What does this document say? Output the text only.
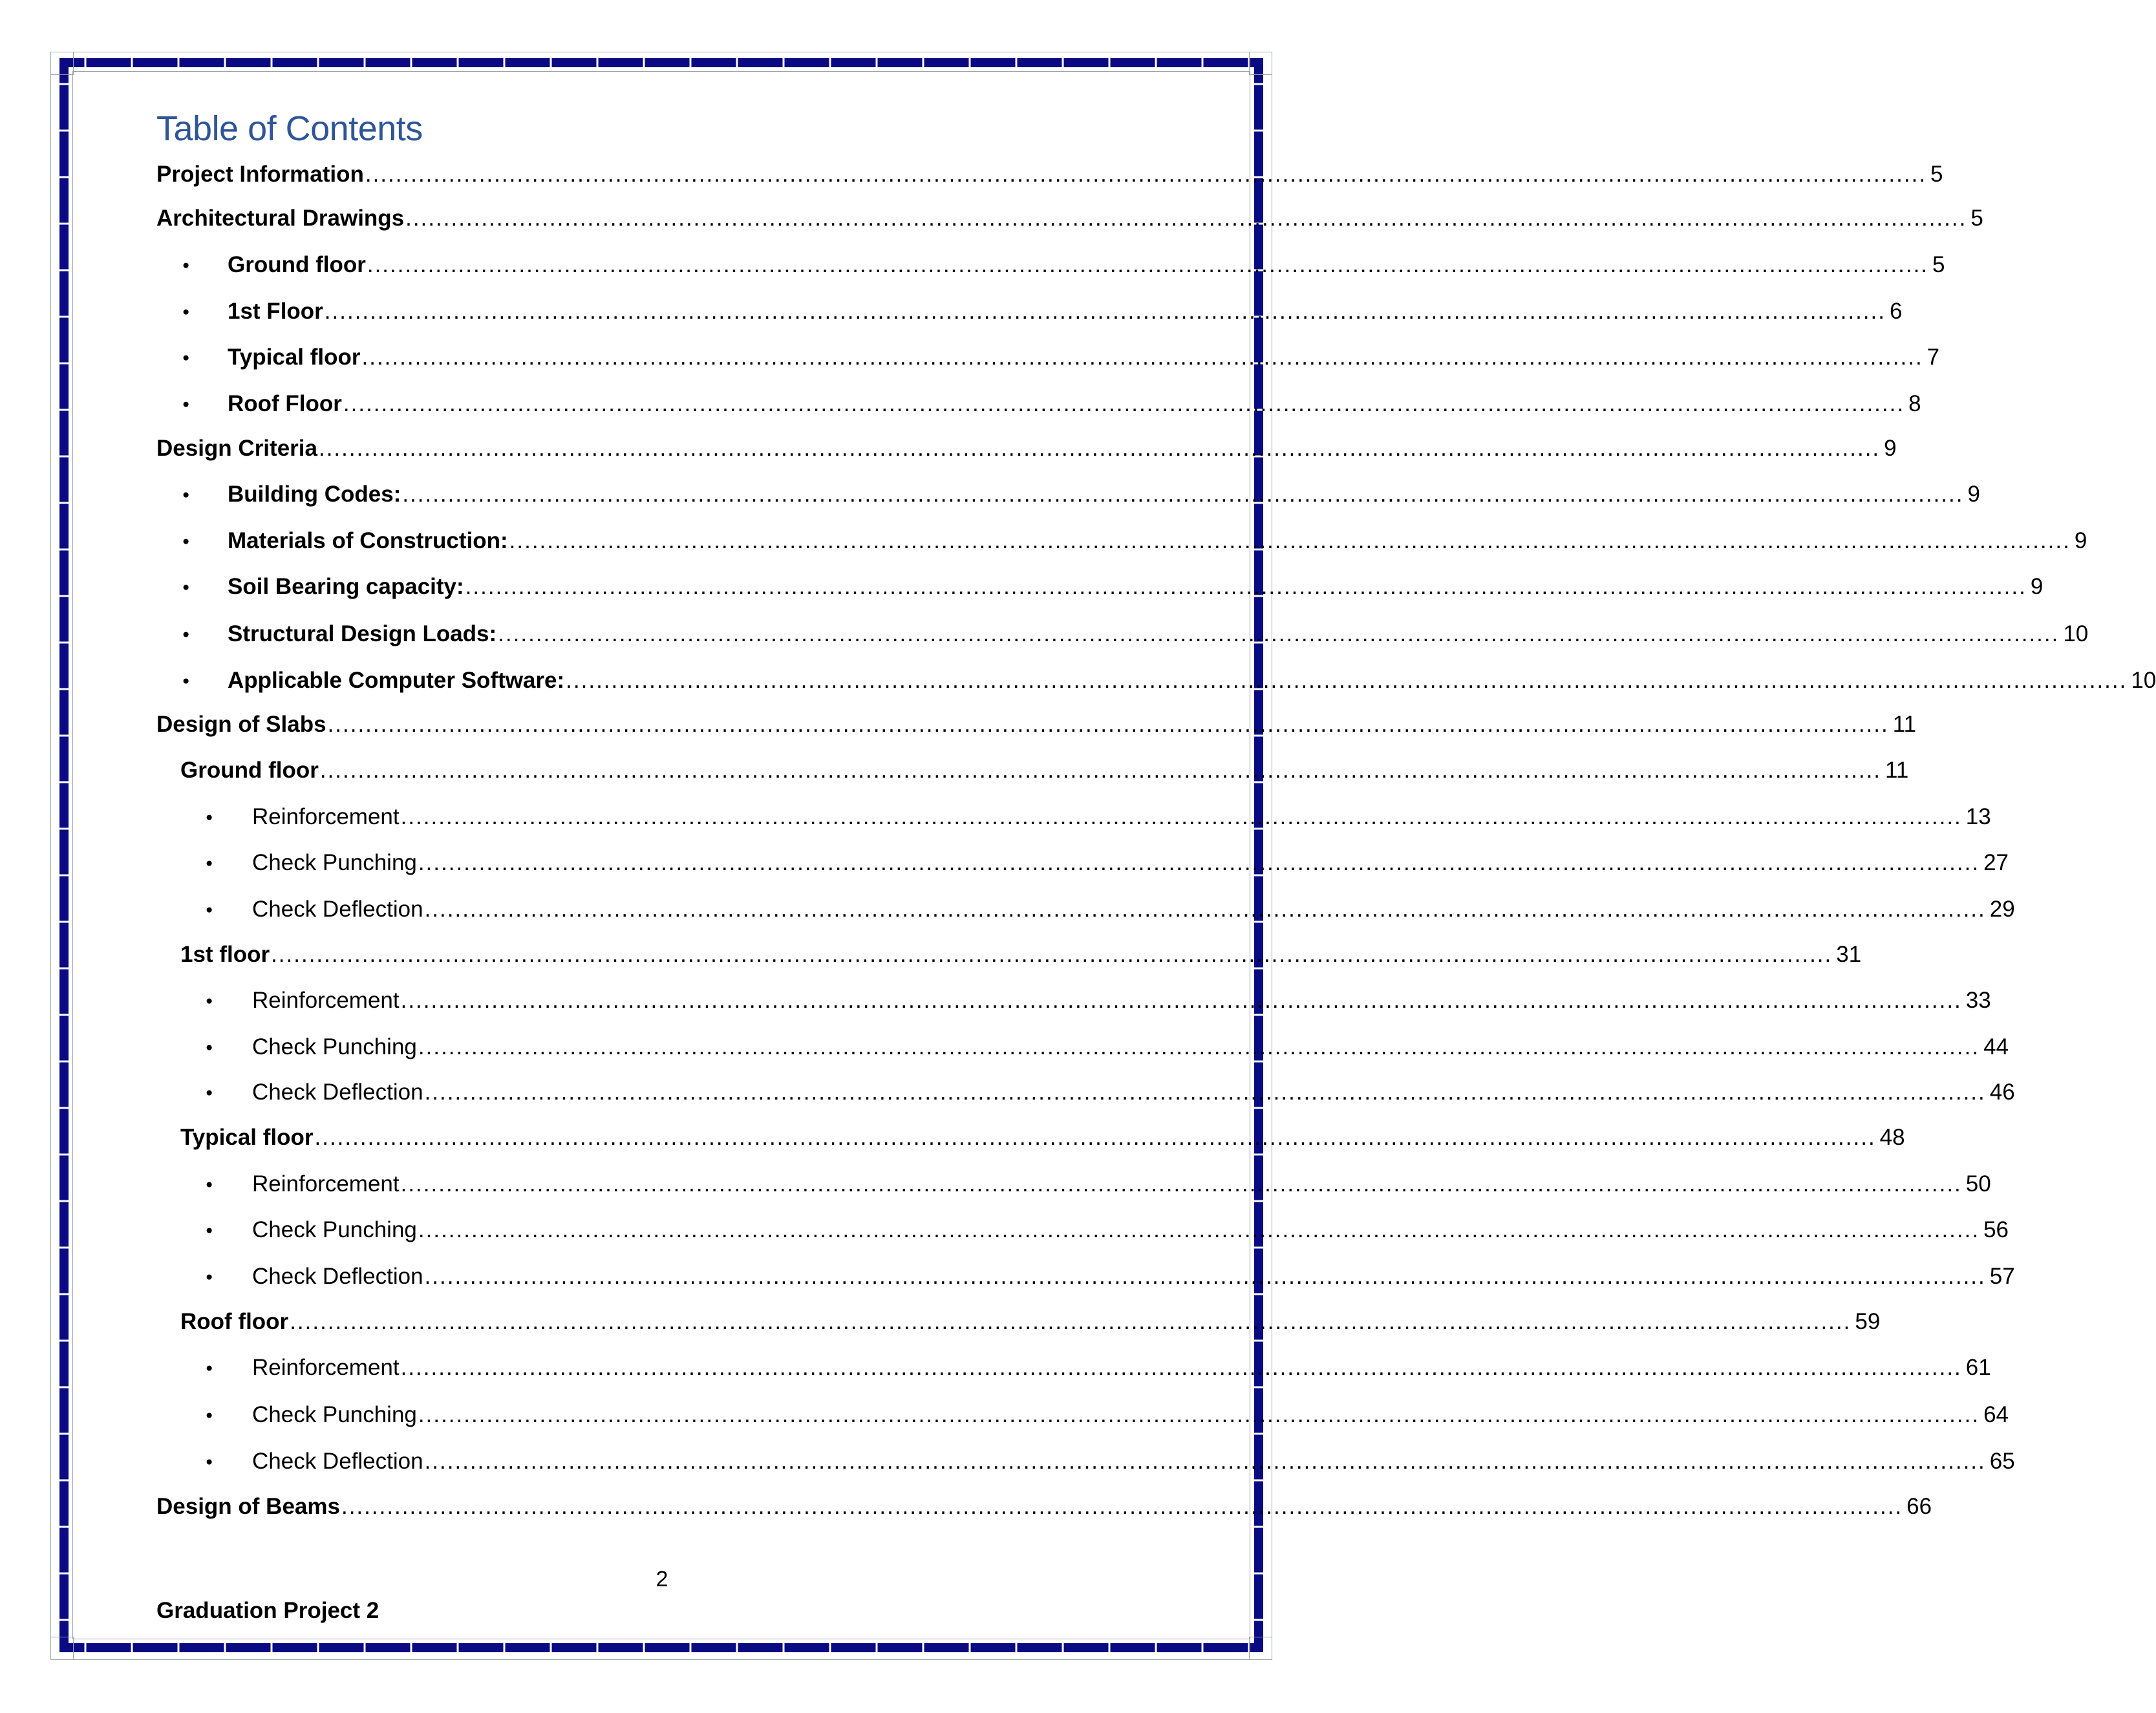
Table of Contents
Project Information .............................................................................................................................................................................................................. 5
Architectural Drawings .............................................................................................................................................................................................................. 5
● Ground floor .............................................................................................................................................................................................................. 5
● 1st Floor .............................................................................................................................................................................................................. 6
● Typical floor .............................................................................................................................................................................................................. 7
● Roof Floor .............................................................................................................................................................................................................. 8
Design Criteria .............................................................................................................................................................................................................. 9
● Building Codes: .............................................................................................................................................................................................................. 9
● Materials of Construction: .............................................................................................................................................................................................................. 9
● Soil Bearing capacity: .............................................................................................................................................................................................................. 9
● Structural Design Loads: .............................................................................................................................................................................................................. 10
● Applicable Computer Software: .............................................................................................................................................................................................................. 10
Design of Slabs .............................................................................................................................................................................................................. 11
Ground floor .............................................................................................................................................................................................................. 11
● Reinforcement .............................................................................................................................................................................................................. 13
● Check Punching .............................................................................................................................................................................................................. 27
● Check Deflection .............................................................................................................................................................................................................. 29
1st floor .............................................................................................................................................................................................................. 31
● Reinforcement .............................................................................................................................................................................................................. 33
● Check Punching .............................................................................................................................................................................................................. 44
● Check Deflection .............................................................................................................................................................................................................. 46
Typical floor .............................................................................................................................................................................................................. 48
● Reinforcement .............................................................................................................................................................................................................. 50
● Check Punching .............................................................................................................................................................................................................. 56
● Check Deflection .............................................................................................................................................................................................................. 57
Roof floor .............................................................................................................................................................................................................. 59
● Reinforcement .............................................................................................................................................................................................................. 61
● Check Punching .............................................................................................................................................................................................................. 64
● Check Deflection .............................................................................................................................................................................................................. 65
Design of Beams .............................................................................................................................................................................................................. 66
2
Graduation Project 2
